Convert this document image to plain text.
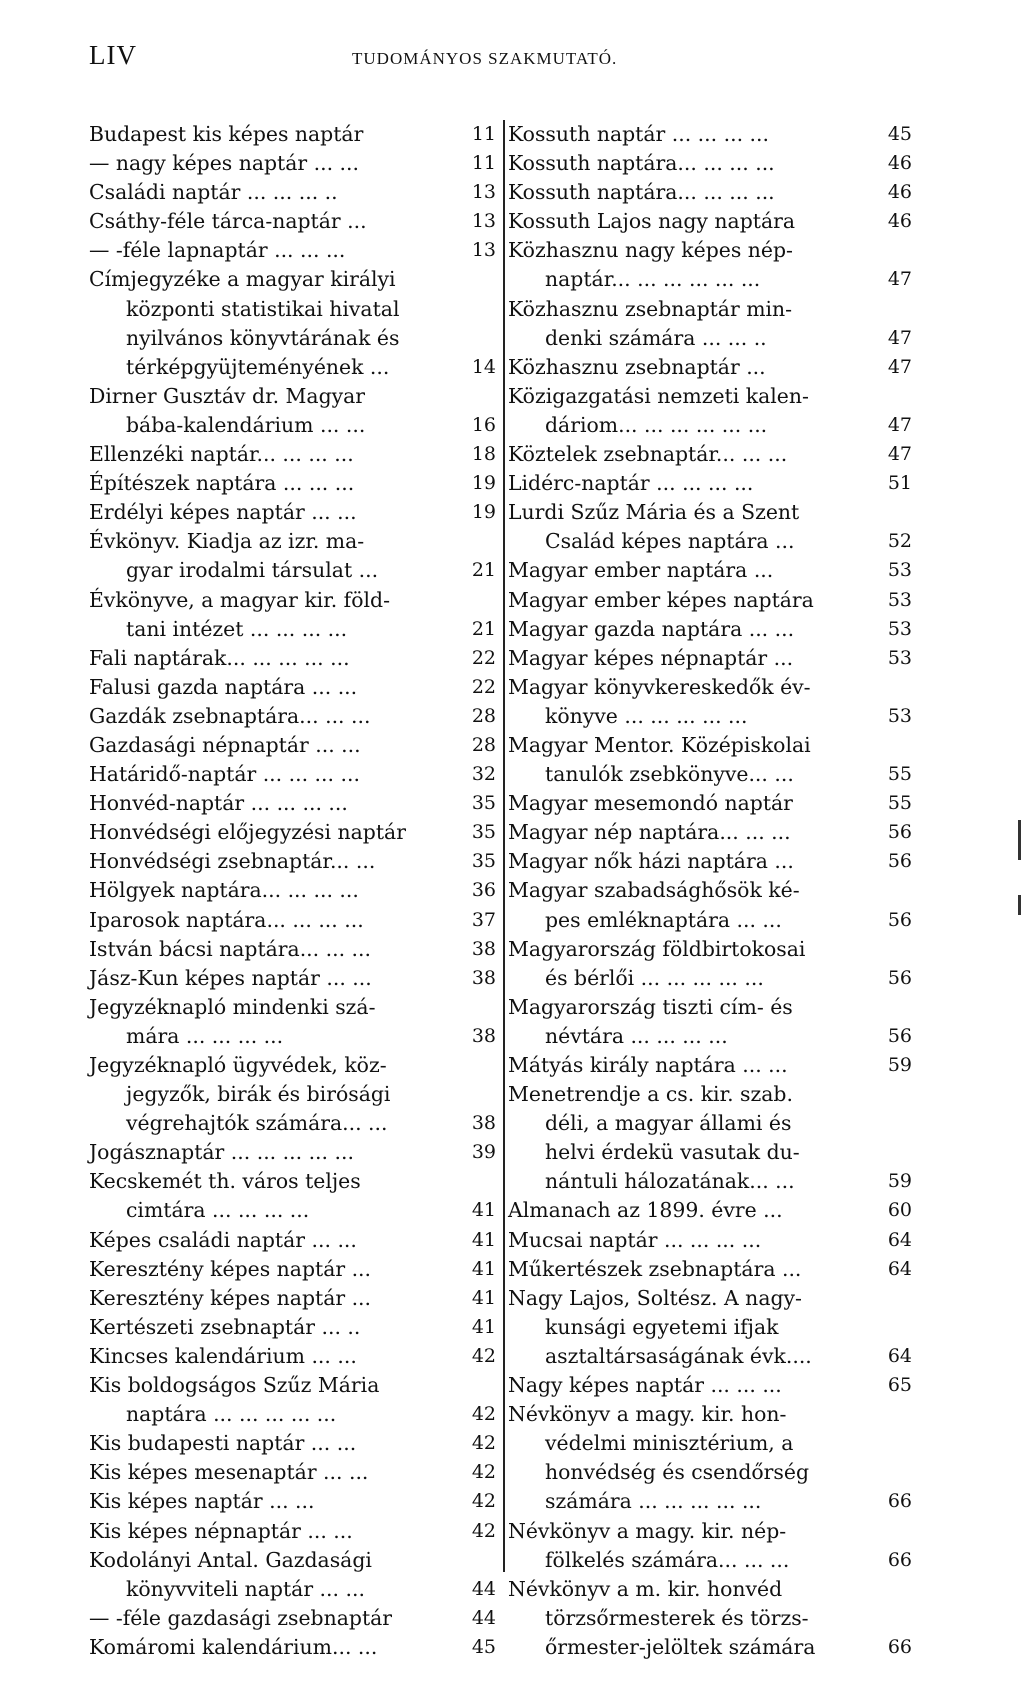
LIV	TUDOMÁNYOS SZAKMUTATÓ.
Budapest kis képes naptár	11
— nagy képes naptár ... ...	11
Családi naptár ... ... ... ..	13
Csáthy-féle tárca-naptár ...	13
— -féle lapnaptár ... ... ...	13
Címjegyzéke a magyar királyi
központi statistikai hivatal
nyilvános könyvtárának és
térképgyüjteményének ...	14
Dirner Gusztáv dr. Magyar
bába-kalendárium ... ...	16
Ellenzéki naptár... ... ... ...	18
Építészek naptára ... ... ...	19
Erdélyi képes naptár ... ...	19
Évkönyv. Kiadja az izr. ma-
gyar irodalmi társulat ...	21
Évkönyve, a magyar kir. föld-
tani intézet ... ... ... ...	21
Fali naptárak... ... ... ... ...	22
Falusi gazda naptára ... ...	22
Gazdák zsebnaptára... ... ...	28
Gazdasági népnaptár ... ...	28
Határidő-naptár ... ... ... ...	32
Honvéd-naptár ... ... ... ...	35
Honvédségi előjegyzési naptár	35
Honvédségi zsebnaptár... ...	35
Hölgyek naptára... ... ... ...	36
Iparosok naptára... ... ... ...	37
István bácsi naptára... ... ...	38
Jász-Kun képes naptár ... ...	38
Jegyzéknapló mindenki szá-
mára ... ... ... ...	38
Jegyzéknapló ügyvédek, köz-
jegyzők, birák és birósági
végrehajtók számára... ...	38
Jogásznaptár ... ... ... ... ...	39
Kecskemét th. város teljes
cimtára ... ... ... ...	41
Képes családi naptár ... ...	41
Keresztény képes naptár ...	41
Keresztény képes naptár ...	41
Kertészeti zsebnaptár ... ..	41
Kincses kalendárium ... ...	42
Kis boldogságos Szűz Mária
naptára ... ... ... ... ...	42
Kis budapesti naptár ... ...	42
Kis képes mesenaptár ... ...	42
Kis képes naptár ... ...	42
Kis képes népnaptár ... ...	42
Kodolányi Antal. Gazdasági
könyvviteli naptár ... ...	44
— -féle gazdasági zsebnaptár	44
Komáromi kalendárium... ...	45
Kossuth naptár ... ... ... ...	45
Kossuth naptára... ... ... ...	46
Kossuth naptára... ... ... ...	46
Kossuth Lajos nagy naptára	46
Közhasznu nagy képes nép-
naptár... ... ... ... ... ...	47
Közhasznu zsebnaptár min-
denki számára ... ... ..	47
Közhasznu zsebnaptár ...	47
Közigazgatási nemzeti kalen-
dáriom... ... ... ... ... ...	47
Köztelek zsebnaptár... ... ...	47
Lidérc-naptár ... ... ... ...	51
Lurdi Szűz Mária és a Szent
Család képes naptára ...	52
Magyar ember naptára ...	53
Magyar ember képes naptára	53
Magyar gazda naptára ... ...	53
Magyar képes népnaptár ...	53
Magyar könyvkereskedők év-
könyve ... ... ... ... ...	53
Magyar Mentor. Középiskolai
tanulók zsebkönyve... ...	55
Magyar mesemondó naptár	55
Magyar nép naptára... ... ...	56
Magyar nők házi naptára ...	56
Magyar szabadsághősök ké-
pes emléknaptára ... ...	56
Magyarország földbirtokosai
és bérlői ... ... ... ... ...	56
Magyarország tiszti cím- és
névtára ... ... ... ...	56
Mátyás király naptára ... ...	59
Menetrendje a cs. kir. szab.
déli, a magyar állami és
helvi érdekü vasutak du-
nántuli hálozatának... ...	59
Almanach az 1899. évre ...	60
Mucsai naptár ... ... ... ...	64
Műkertészek zsebnaptára ...	64
Nagy Lajos, Soltész. A nagy-
kunsági egyetemi ifjak
asztaltársaságának évk....	64
Nagy képes naptár ... ... ...	65
Névkönyv a magy. kir. hon-
védelmi minisztérium, a
honvédség és csendőrség
számára ... ... ... ... ...	66
Névkönyv a magy. kir. nép-
fölkelés számára... ... ...	66
Névkönyv a m. kir. honvéd
törzsőrmesterek és törzs-
őrmester-jelöltek számára	66
